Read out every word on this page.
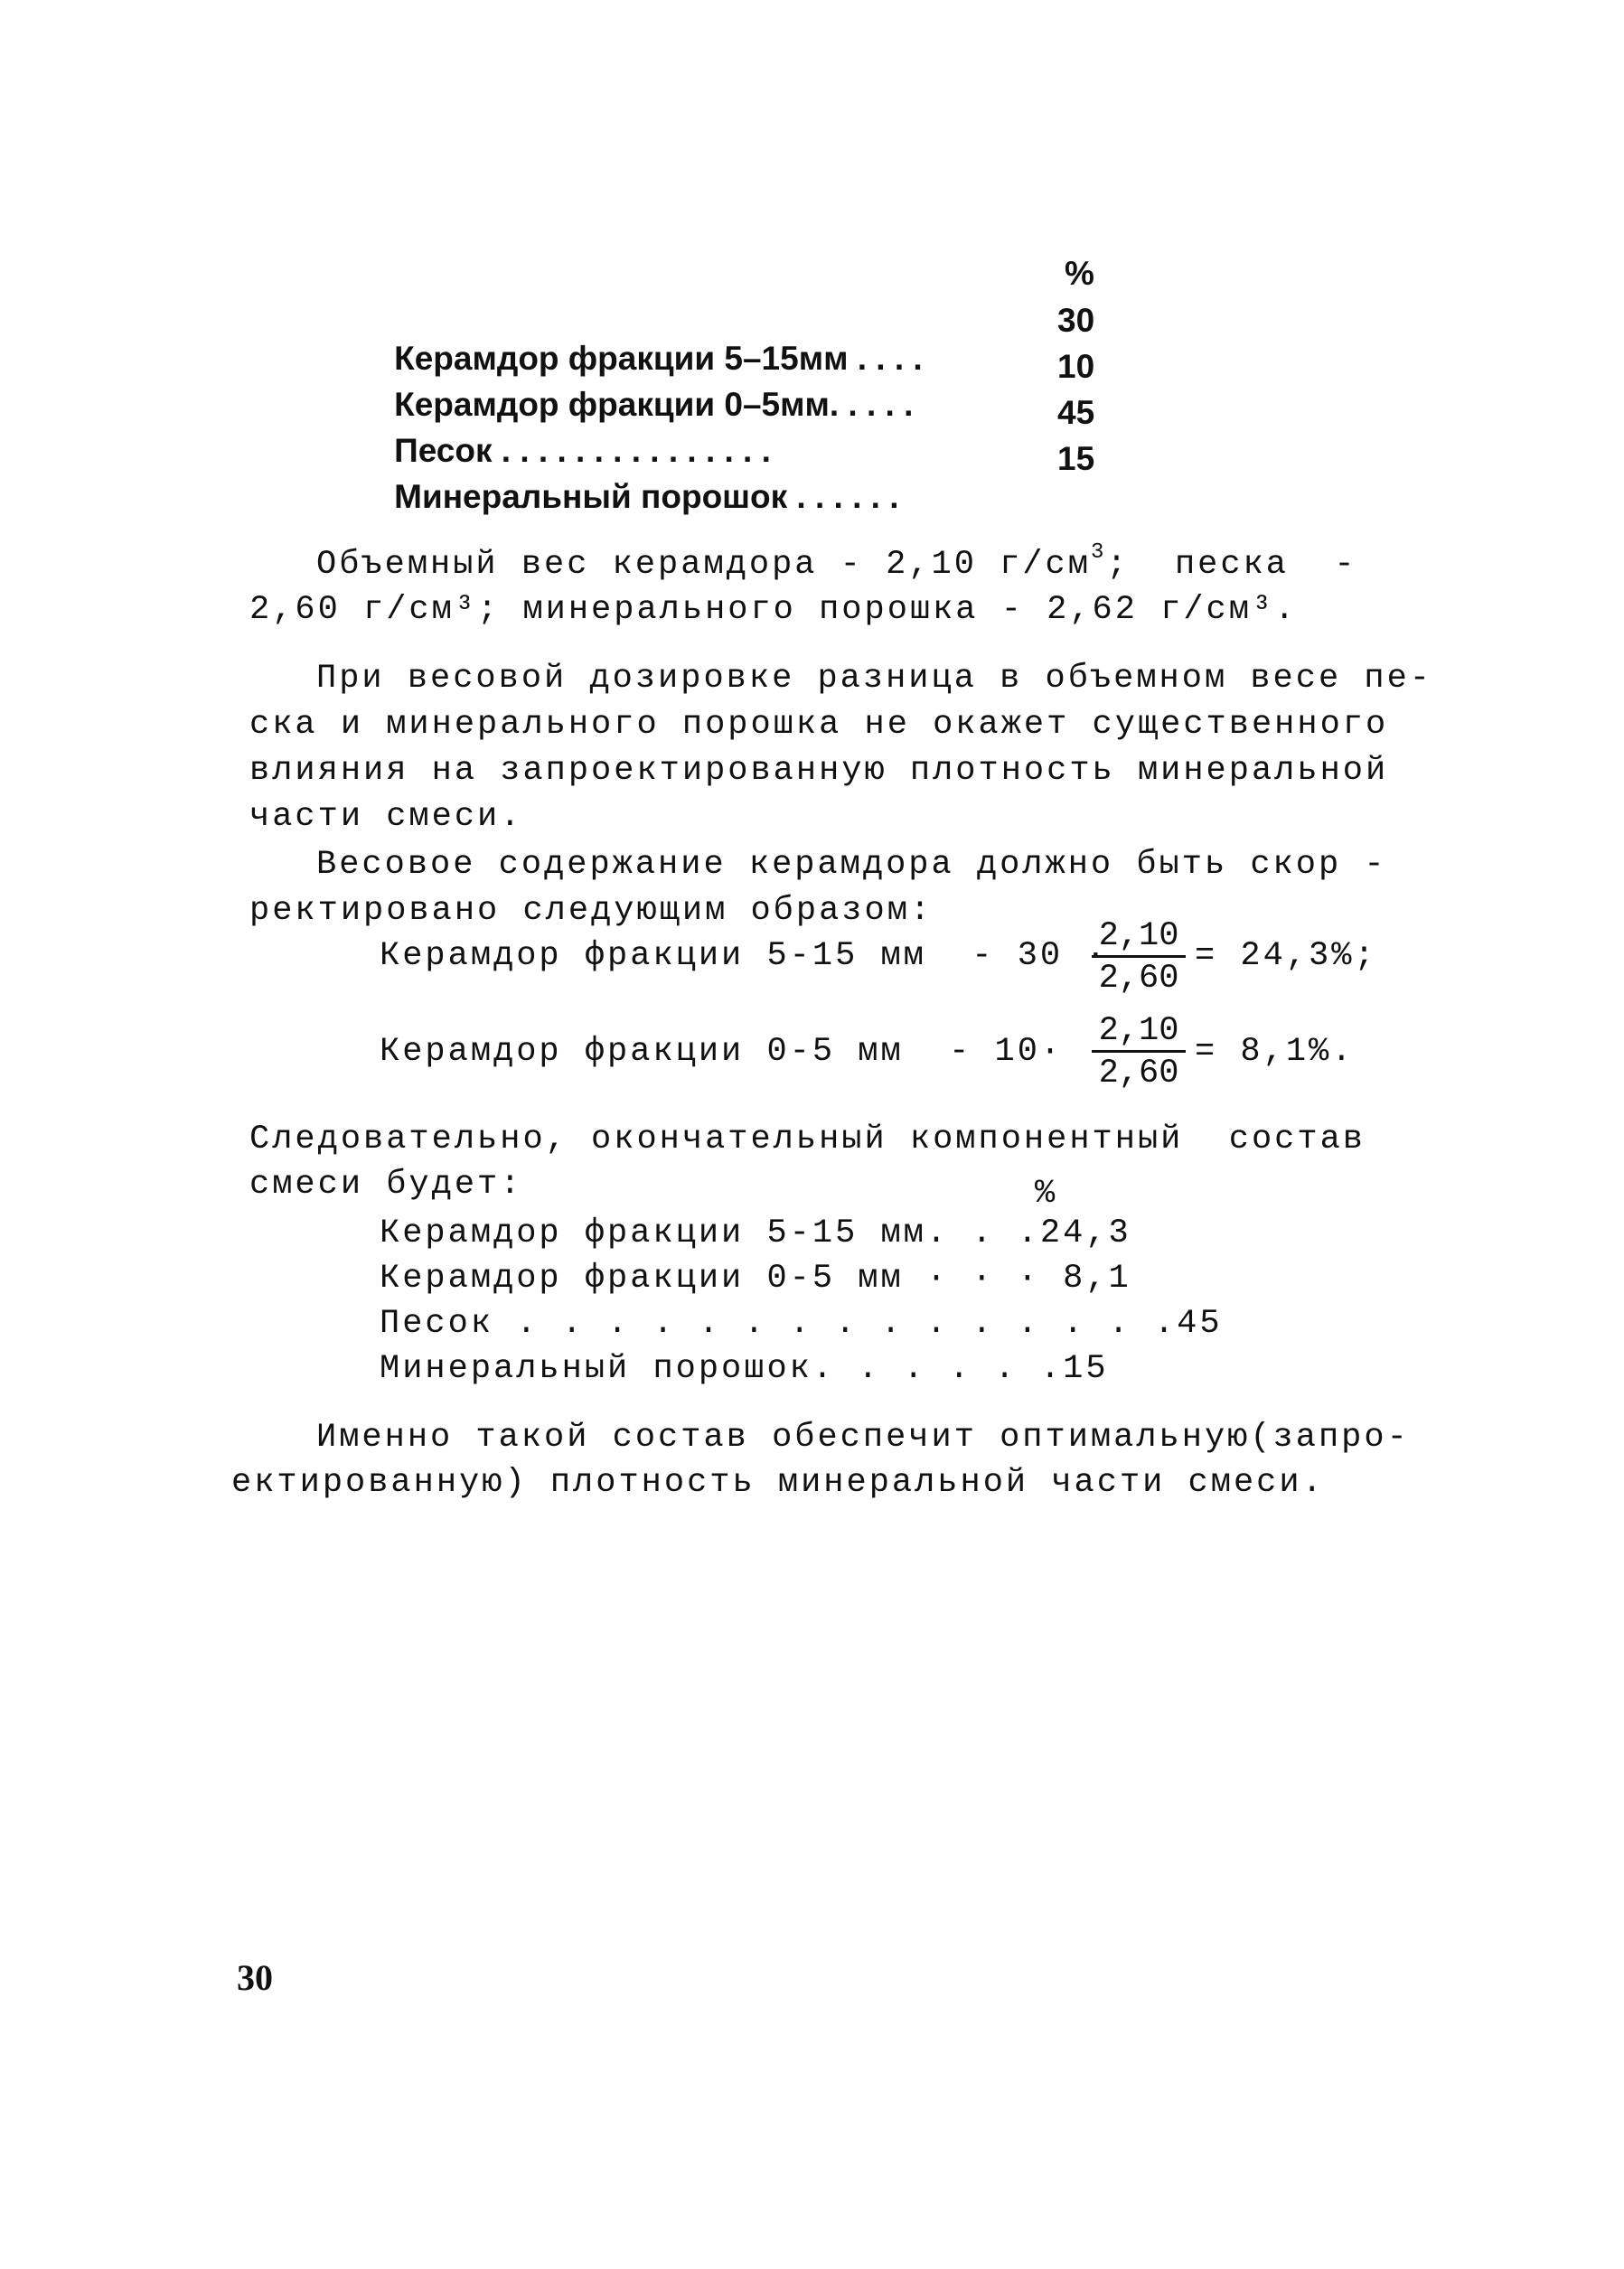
%

Керамдор фракции 5–15мм . . . .

30

Керамдор фракции 0–5мм. . . . .

10

Песок . . . . . . . . . . . . . . .

45

Минеральный порошок . . . . . .

15
Объемный вес керамдора - 2,10 $г/см^3$;  песка  -
2,60 г/см³; минерального порошка - 2,62 г/см³.
При весовой дозировке разница в объемном весе пе-
ска и минерального порошка не окажет существенного
влияния на запроектированную плотность минеральной
части смеси.
Весовое содержание керамдора должно быть скор -
ректировано следующим образом:
Керамдор фракции 5-15 мм  - 30 ·
2,10
2,60
= 24,3%;
Керамдор фракции 0-5 мм  - 10·
2,10
2,60
= 8,1%.
Следовательно, окончательный компонентный  состав
смеси будет:	%
Керамдор фракции 5-15 мм. . .24,3
Керамдор фракции 0-5 мм · · · 8,1
Песок . . . . . . . . . . . . . . .45
Минеральный порошок. . . . . .15
Именно такой состав обеспечит оптимальную(запро-
ектированную) плотность минеральной части смеси.
30
